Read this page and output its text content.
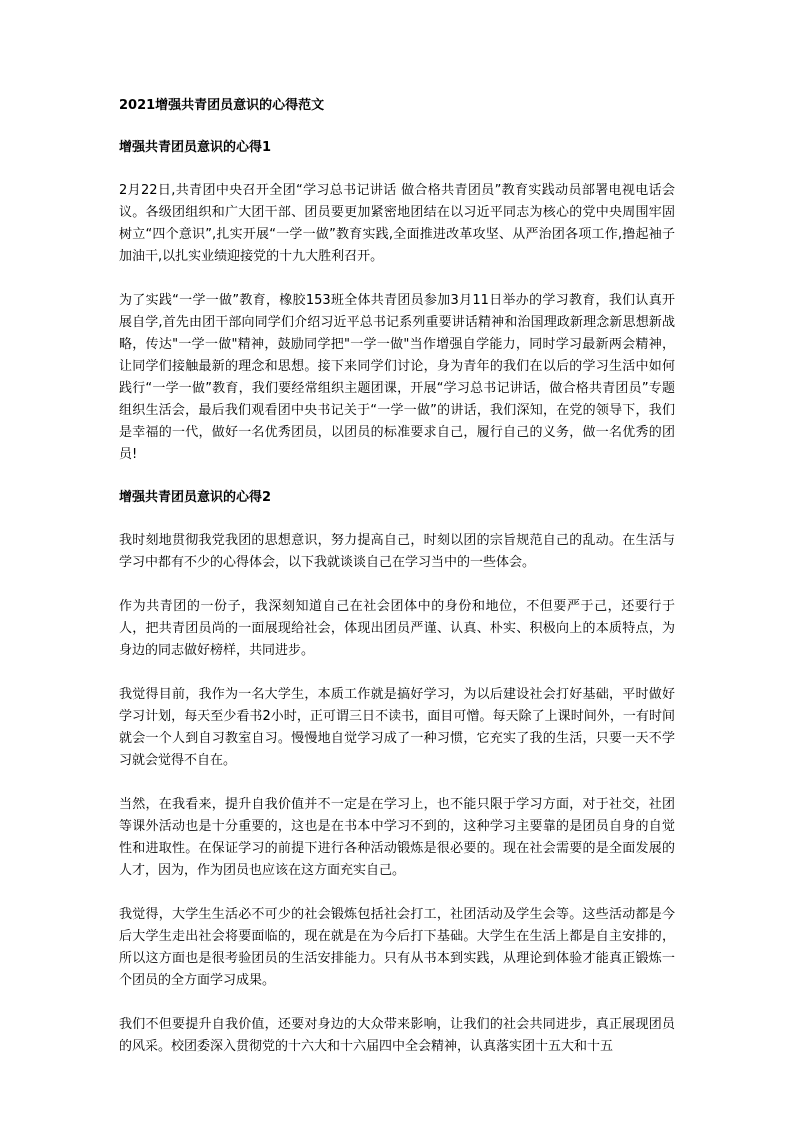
2021增强共青团员意识的心得范文
增强共青团员意识的心得1
2月22日,共青团中央召开全团“学习总书记讲话 做合格共青团员”教育实践动员部署电视电话会议。各级团组织和广大团干部、团员要更加紧密地团结在以习近平同志为核心的党中央周围牢固树立“四个意识”,扎实开展“一学一做”教育实践,全面推进改革攻坚、从严治团各项工作,撸起袖子加油干,以扎实业绩迎接党的十九大胜利召开。
为了实践“一学一做”教育，橡胶153班全体共青团员参加3月11日举办的学习教育，我们认真开展自学,首先由团干部向同学们介绍习近平总书记系列重要讲话精神和治国理政新理念新思想新战略，传达"一学一做"精神，鼓励同学把"一学一做"当作增强自学能力，同时学习最新两会精神，让同学们接触最新的理念和思想。接下来同学们讨论，身为青年的我们在以后的学习生活中如何践行“一学一做”教育，我们要经常组织主题团课，开展“学习总书记讲话，做合格共青团员”专题组织生活会，最后我们观看团中央书记关于“一学一做”的讲话，我们深知，在党的领导下，我们是幸福的一代，做好一名优秀团员，以团员的标准要求自己，履行自己的义务，做一名优秀的团员!
增强共青团员意识的心得2
我时刻地贯彻我党我团的思想意识，努力提高自己，时刻以团的宗旨规范自己的乱动。在生活与学习中都有不少的心得体会，以下我就谈谈自己在学习当中的一些体会。
作为共青团的一份子，我深刻知道自己在社会团体中的身份和地位，不但要严于己，还要行于人，把共青团员尚的一面展现给社会，体现出团员严谨、认真、朴实、积极向上的本质特点，为身边的同志做好榜样，共同进步。
我觉得目前，我作为一名大学生，本质工作就是搞好学习，为以后建设社会打好基础，平时做好学习计划，每天至少看书2小时，正可谓三日不读书，面目可憎。每天除了上课时间外，一有时间就会一个人到自习教室自习。慢慢地自觉学习成了一种习惯，它充实了我的生活，只要一天不学习就会觉得不自在。
当然，在我看来，提升自我价值并不一定是在学习上，也不能只限于学习方面，对于社交，社团等课外活动也是十分重要的，这也是在书本中学习不到的，这种学习主要靠的是团员自身的自觉性和进取性。在保证学习的前提下进行各种活动锻炼是很必要的。现在社会需要的是全面发展的人才，因为，作为团员也应该在这方面充实自己。
我觉得，大学生生活必不可少的社会锻炼包括社会打工，社团活动及学生会等。这些活动都是今后大学生走出社会将要面临的，现在就是在为今后打下基础。大学生在生活上都是自主安排的，所以这方面也是很考验团员的生活安排能力。只有从书本到实践，从理论到体验才能真正锻炼一个团员的全方面学习成果。
我们不但要提升自我价值，还要对身边的大众带来影响，让我们的社会共同进步，真正展现团员的风采。校团委深入贯彻党的十六大和十六届四中全会精神，认真落实团十五大和十五
